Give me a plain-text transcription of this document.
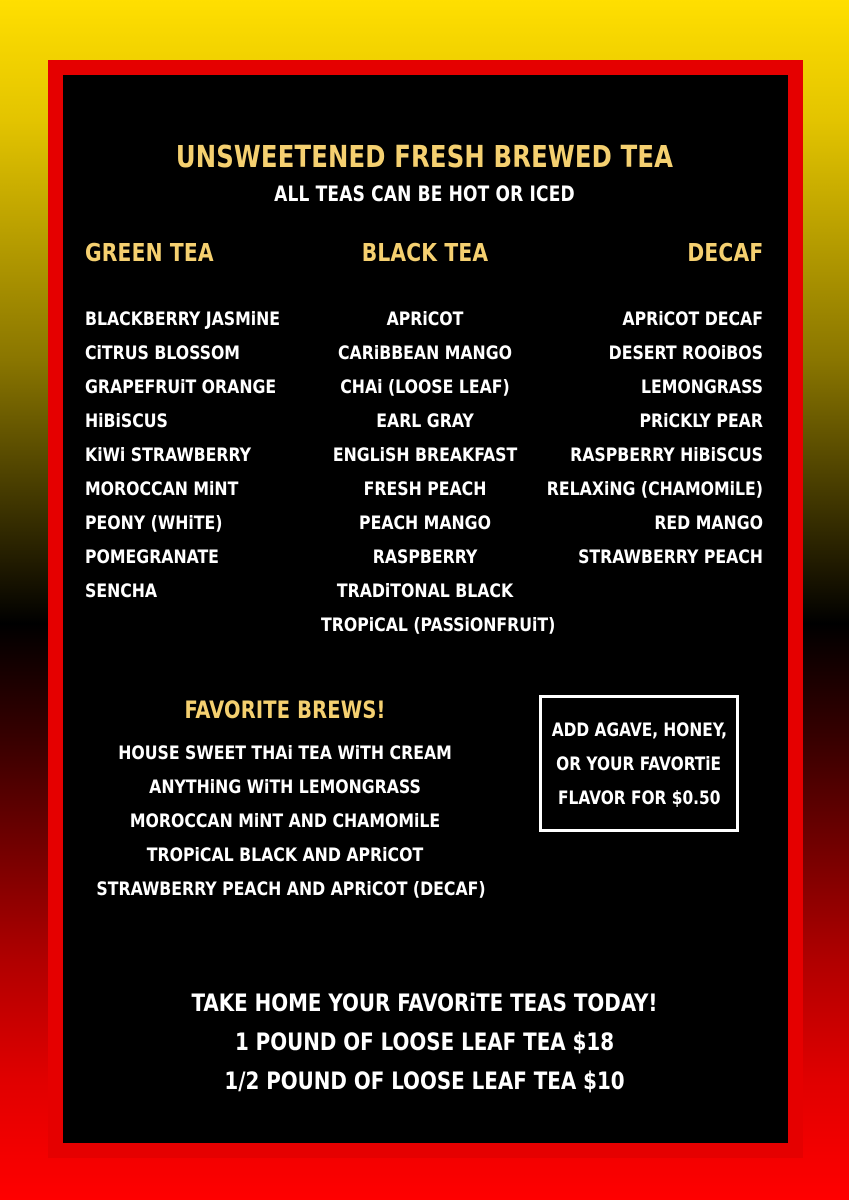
UNSWEETENED FRESH BREWED TEA
ALL TEAS CAN BE HOT OR ICED
GREEN TEA	BLACK TEA	DECAF
BLACKBERRY JASMiNE
CiTRUS BLOSSOM
GRAPEFRUiT ORANGE
HiBiSCUS
KiWi STRAWBERRY
MOROCCAN MiNT
PEONY (WHiTE)
POMEGRANATE
SENCHA
APRiCOT
CARiBBEAN MANGO
CHAi (LOOSE LEAF)
EARL GRAY
ENGLiSH BREAKFAST
FRESH PEACH
PEACH MANGO
RASPBERRY
TRADiTONAL BLACK
TROPiCAL (PASSiONFRUiT)
APRiCOT DECAF
DESERT ROOiBOS
LEMONGRASS
PRiCKLY PEAR
RASPBERRY HiBiSCUS
RELAXiNG (CHAMOMiLE)
RED MANGO
STRAWBERRY PEACH
FAVORITE BREWS!
HOUSE SWEET THAi TEA WiTH CREAM
ANYTHiNG WiTH LEMONGRASS
MOROCCAN MiNT AND CHAMOMiLE
TROPiCAL BLACK AND APRiCOT
STRAWBERRY PEACH AND APRiCOT (DECAF)
ADD AGAVE, HONEY,
OR YOUR FAVORTiE
FLAVOR FOR $0.50
TAKE HOME YOUR FAVORiTE TEAS TODAY!
1 POUND OF LOOSE LEAF TEA $18
1/2 POUND OF LOOSE LEAF TEA $10
